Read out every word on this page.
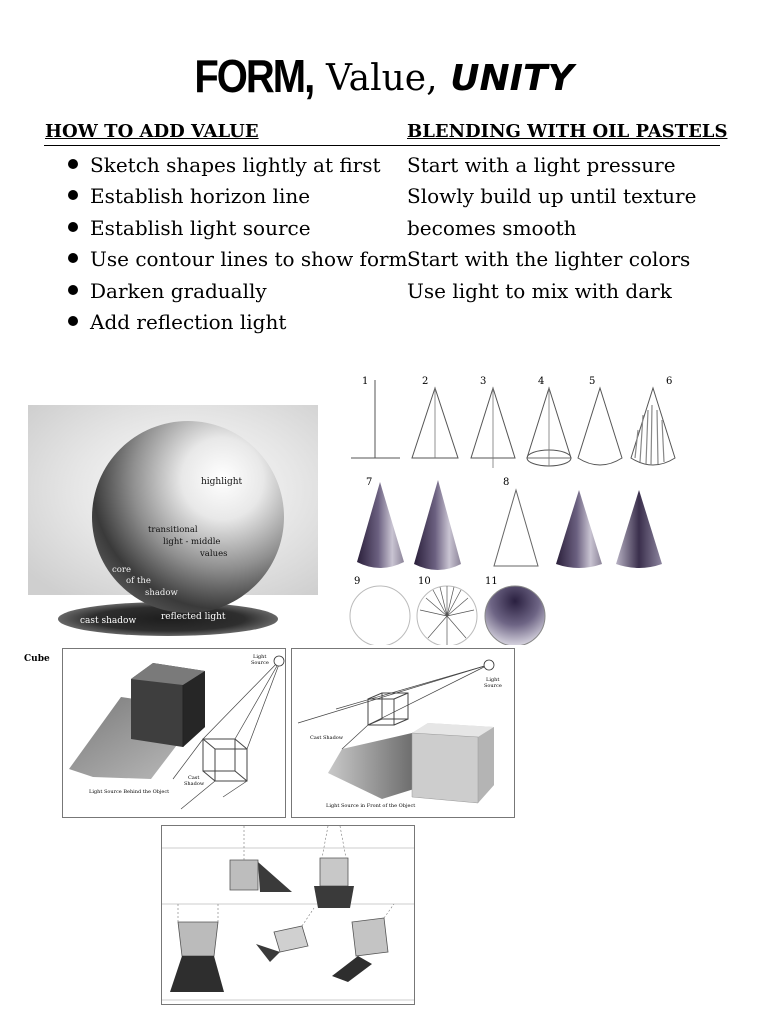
FORM, Value, UNITY
HOW TO ADD VALUE	BLENDING WITH OIL PASTELS
Sketch shapes lightly at first
Establish horizon line
Establish light source
Use contour lines to show form
Darken gradually
Add reflection light
Start with a light pressure
Slowly build up until texture
becomes smooth
Start with the lighter colors
Use light to mix with dark
highlight
transitional
light - middle
values
core
of the
shadow
cast shadow	reflected light
1	2	3	4	5	6
7	8
9	10	11
Cube	Light
Source
Cast
Shadow
Light Source Behind the Object
Light
Source
Cast Shadow
Light Source in Front of the Object
